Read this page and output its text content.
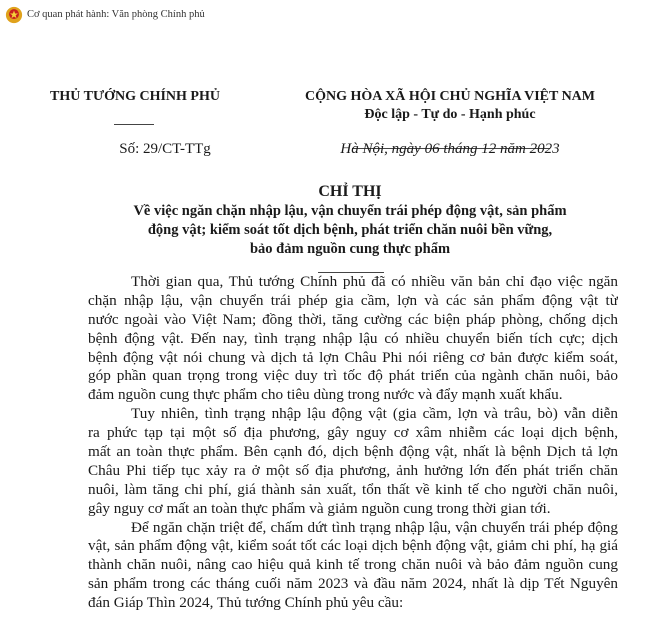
Cơ quan phát hành: Văn phòng Chính phủ
THỦ TƯỚNG CHÍNH PHỦ
Số: 29/CT-TTg
CỘNG HÒA XÃ HỘI CHỦ NGHĨA VIỆT NAM
Độc lập - Tự do - Hạnh phúc
Hà Nội, ngày 06 tháng 12 năm 2023
CHỈ THỊ
Về việc ngăn chặn nhập lậu, vận chuyển trái phép động vật, sản phẩm
động vật; kiểm soát tốt dịch bệnh, phát triển chăn nuôi bền vững,
bảo đảm nguồn cung thực phẩm
Thời gian qua, Thủ tướng Chính phủ đã có nhiều văn bản chỉ đạo việc ngăn
chặn nhập lậu, vận chuyển trái phép gia cầm, lợn và các sản phẩm động vật từ
nước ngoài vào Việt Nam; đồng thời, tăng cường các biện pháp phòng, chống dịch
bệnh động vật. Đến nay, tình trạng nhập lậu có nhiều chuyển biến tích cực; dịch
bệnh động vật nói chung và dịch tả lợn Châu Phi nói riêng cơ bản được kiểm soát,
góp phần quan trọng trong việc duy trì tốc độ phát triển của ngành chăn nuôi, bảo
đảm nguồn cung thực phẩm cho tiêu dùng trong nước và đẩy mạnh xuất khẩu.
Tuy nhiên, tình trạng nhập lậu động vật (gia cầm, lợn và trâu, bò) vẫn diễn
ra phức tạp tại một số địa phương, gây nguy cơ xâm nhiễm các loại dịch bệnh,
mất an toàn thực phẩm. Bên cạnh đó, dịch bệnh động vật, nhất là bệnh Dịch tả lợn
Châu Phi tiếp tục xảy ra ở một số địa phương, ảnh hưởng lớn đến phát triển chăn
nuôi, làm tăng chi phí, giá thành sản xuất, tổn thất về kinh tế cho người chăn nuôi,
gây nguy cơ mất an toàn thực phẩm và giảm nguồn cung trong thời gian tới.
Để ngăn chặn triệt để, chấm dứt tình trạng nhập lậu, vận chuyển trái phép động
vật, sản phẩm động vật, kiểm soát tốt các loại dịch bệnh động vật, giảm chi phí, hạ giá
thành chăn nuôi, nâng cao hiệu quả kinh tế trong chăn nuôi và bảo đảm nguồn cung
sản phẩm trong các tháng cuối năm 2023 và đầu năm 2024, nhất là dịp Tết Nguyên
đán Giáp Thìn 2024, Thủ tướng Chính phủ yêu cầu:
